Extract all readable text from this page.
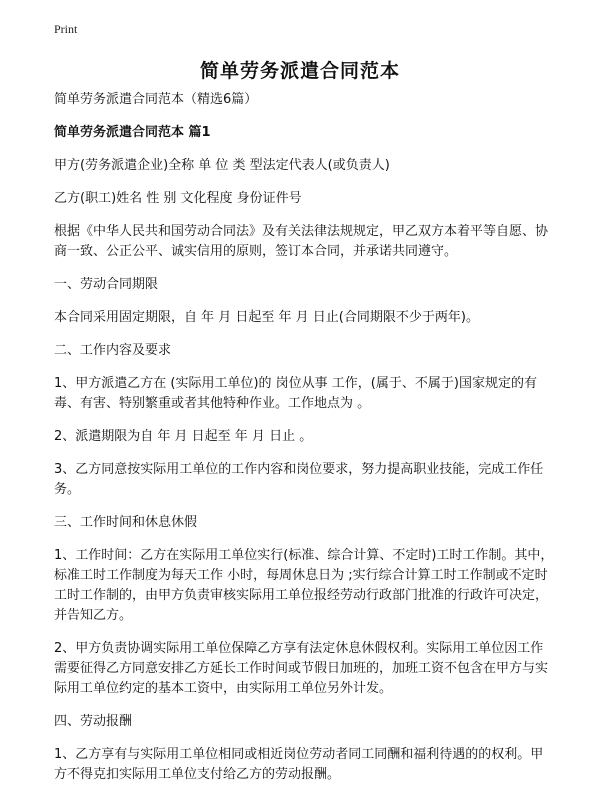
Print
简单劳务派遣合同范本

简单劳务派遣合同范本（精选6篇）

简单劳务派遣合同范本 篇1

甲方(劳务派遣企业)全称 单 位 类 型法定代表人(或负责人)

乙方(职工)姓名 性 别 文化程度 身份证件号

根据《中华人民共和国劳动合同法》及有关法律法规规定，甲乙双方本着平等自愿、协商一致、公正公平、诚实信用的原则，签订本合同，并承诺共同遵守。

一、劳动合同期限

本合同采用固定期限，自 年 月 日起至 年 月 日止(合同期限不少于两年)。

二、工作内容及要求

1、甲方派遣乙方在 (实际用工单位)的 岗位从事 工作，(属于、不属于)国家规定的有毒、有害、特别繁重或者其他特种作业。工作地点为 。

2、派遣期限为自 年 月 日起至 年 月 日止 。

3、乙方同意按实际用工单位的工作内容和岗位要求，努力提高职业技能，完成工作任务。

三、工作时间和休息休假

1、工作时间：乙方在实际用工单位实行(标准、综合计算、不定时)工时工作制。其中，标准工时工作制度为每天工作 小时，每周休息日为 ;实行综合计算工时工作制或不定时工时工作制的，由甲方负责审核实际用工单位报经劳动行政部门批准的行政许可决定，并告知乙方。

2、甲方负责协调实际用工单位保障乙方享有法定休息休假权利。实际用工单位因工作需要征得乙方同意安排乙方延长工作时间或节假日加班的，加班工资不包含在甲方与实际用工单位约定的基本工资中，由实际用工单位另外计发。

四、劳动报酬

1、乙方享有与实际用工单位相同或相近岗位劳动者同工同酬和福利待遇的的权利。甲方不得克扣实际用工单位支付给乙方的劳动报酬。
